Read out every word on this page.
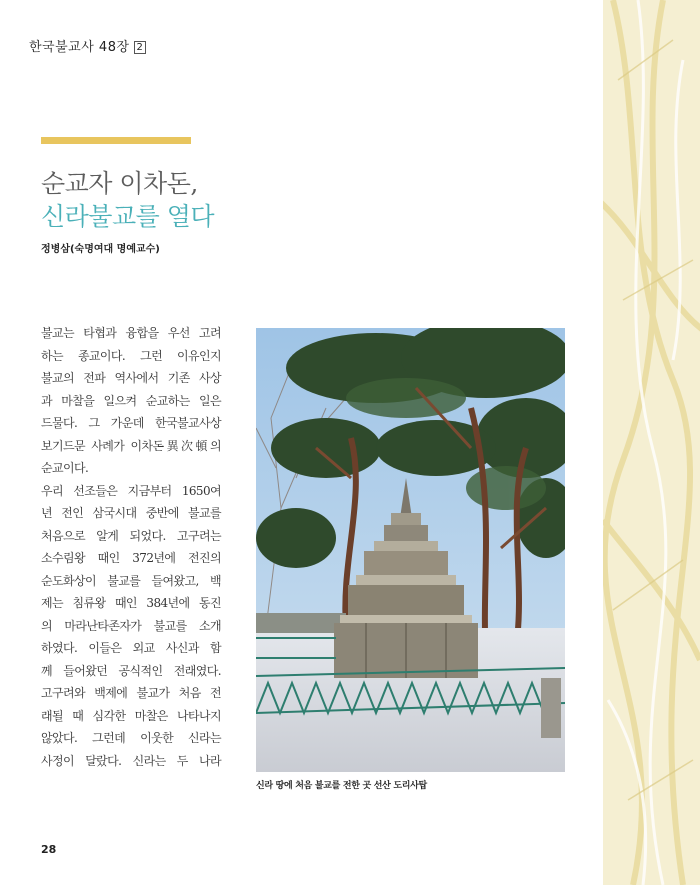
한국불교사 48장 2
순교자 이차돈,
신라불교를 열다
정병삼(숙명여대 명예교수)
불교는 타협과 융합을 우선 고려
하는 종교이다. 그런 이유인지
불교의 전파 역사에서 기존 사상
과 마찰을 일으켜 순교하는 일은
드물다. 그 가운데 한국불교사상
보기드문 사례가 이차돈異次頓의
순교이다.
우리 선조들은 지금부터 1650여
년 전인 삼국시대 중반에 불교를
처음으로 알게 되었다. 고구려는
소수림왕 때인 372년에 전진의
순도화상이 불교를 들여왔고, 백
제는 침류왕 때인 384년에 동진
의 마라난타존자가 불교를 소개
하였다. 이들은 외교 사신과 함
께 들어왔던 공식적인 전래였다.
고구려와 백제에 불교가 처음 전
래될 때 심각한 마찰은 나타나지
않았다. 그런데 이웃한 신라는
사정이 달랐다. 신라는 두 나라
신라 땅에 처음 불교를 전한 곳 선산 도리사탑
28
